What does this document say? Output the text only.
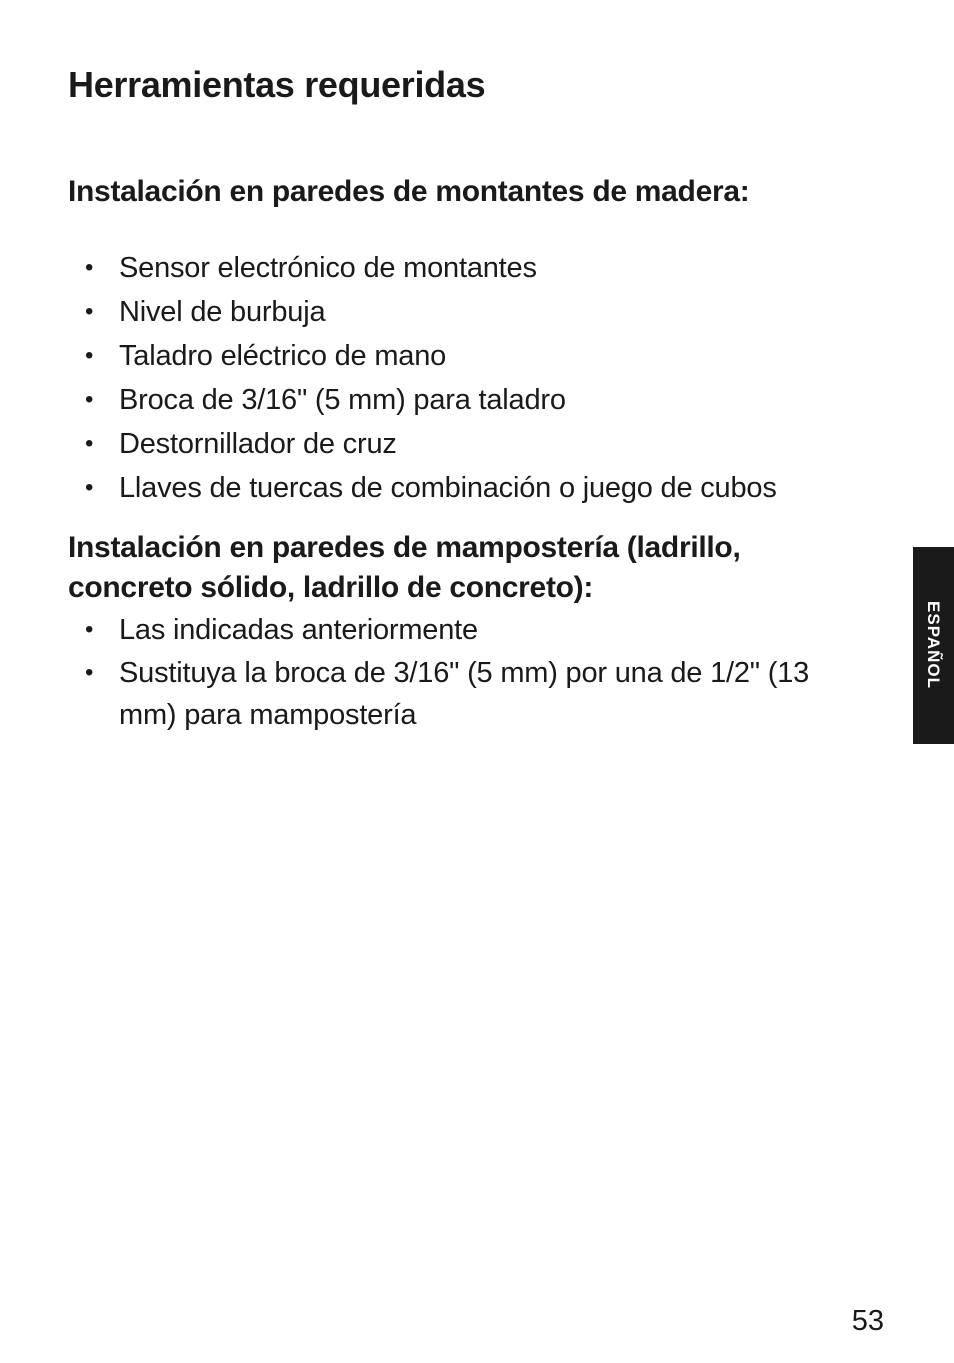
Herramientas requeridas
Instalación en paredes de montantes de madera:
• Sensor electrónico de montantes
• Nivel de burbuja
• Taladro eléctrico de mano
• Broca de 3/16" (5 mm) para taladro
• Destornillador de cruz
• Llaves de tuercas de combinación o juego de cubos
Instalación en paredes de mampostería (ladrillo,
concreto sólido, ladrillo de concreto):
• Las indicadas anteriormente
• Sustituya la broca de 3/16" (5 mm) por una de 1/2" (13 mm) para mampostería
ESPAÑOL
53
